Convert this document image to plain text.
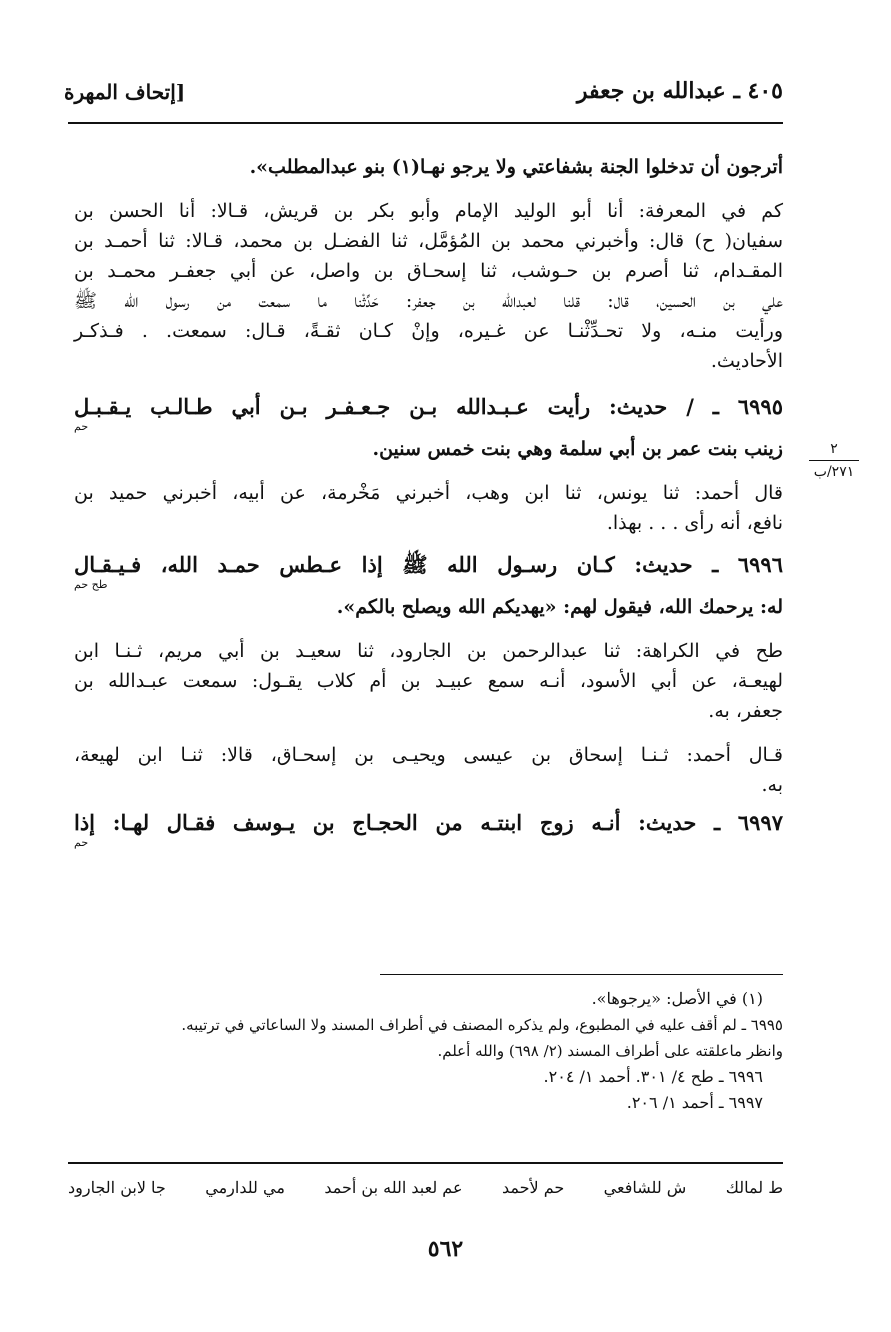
٤٠٥ ـ عبدالله بن جعفر
[إتحاف المهرة
أترجون أن تدخلوا الجنة بشفاعتي ولا يرجو نهـا(١) بنو عبدالمطلب».
كم في المعرفة: أنا أبو الوليد الإمام وأبو بكر بن قريش، قـالا: أنا الحسن بن
سفيان( ح) قال: وأخبرني محمد بن المُؤمَّل، ثنا الفضـل بن محمد، قـالا: ثنا أحمـد بن
المقـدام، ثنا أصرم بن حـوشب، ثنا إسحـاق بن واصل، عن أبي جعفـر محمـد بن
علي بن الحسين، قال: قلنا لعبدالله بن جعفر: حَدِّثْنا ما سمعت من رسول الله ﷺ
ورأيت منـه، ولا تحـدِّثْنـا عن غـيره، وإنْ كـان ثقـةً، قـال: سمعت. . فـذكـر
الأحاديث.
٦٩٩٥ ـ / حديث: رأيت عـبـدالله بـن جـعـفـر بـن أبي طـالـب يـقـبـل
حم
زينب بنت عمر بن أبي سلمة وهي بنت خمس سنين.
قال أحمد: ثنا يونس، ثنا ابن وهب، أخبرني مَخْرمة، عن أبيه، أخبرني حميد بن
نافع، أنه رأى . . . بهذا.
٦٩٩٦ ـ حديث: كـان رسـول الله ﷺ إذا عـطس حمـد الله، فـيـقـال
طح حم
له: يرحمك الله، فيقول لهم: «يهديكم الله ويصلح بالكم».
طح في الكراهة: ثنا عبدالرحمن بن الجارود، ثنا سعيـد بن أبي مريم، ثـنـا ابن
لهيعـة، عن أبي الأسود، أنـه سمع عبيـد بن أم كلاب يقـول: سمعت عبـدالله بن
جعفر، به.
قـال أحمد: ثـنـا إسحاق بن عيسى ويحيـى بن إسحـاق، قالا: ثنـا ابن لهيعة،
به.
٦٩٩٧ ـ حديث: أنـه زوج ابنتـه من الحجـاج بن يـوسف فقـال لهـا: إذا
حم
٢
٢٧١/ب
(١) في الأصل: «يرجوها».
٦٩٩٥ ـ لم أقف عليه في المطبوع، ولم يذكره المصنف في أطراف المسند ولا الساعاتي في ترتيبه.
وانظر ماعلقته على أطراف المسند (٢/ ٦٩٨) والله أعلم.
٦٩٩٦ ـ طح ٤/ ٣٠١. أحمد ١/ ٢٠٤.
٦٩٩٧ ـ أحمد ١/ ٢٠٦.
ط لمالك
ش للشافعي
حم لأحمد
عم لعبد الله بن أحمد
مي للدارمي
جا لابن الجارود
٥٦٢
